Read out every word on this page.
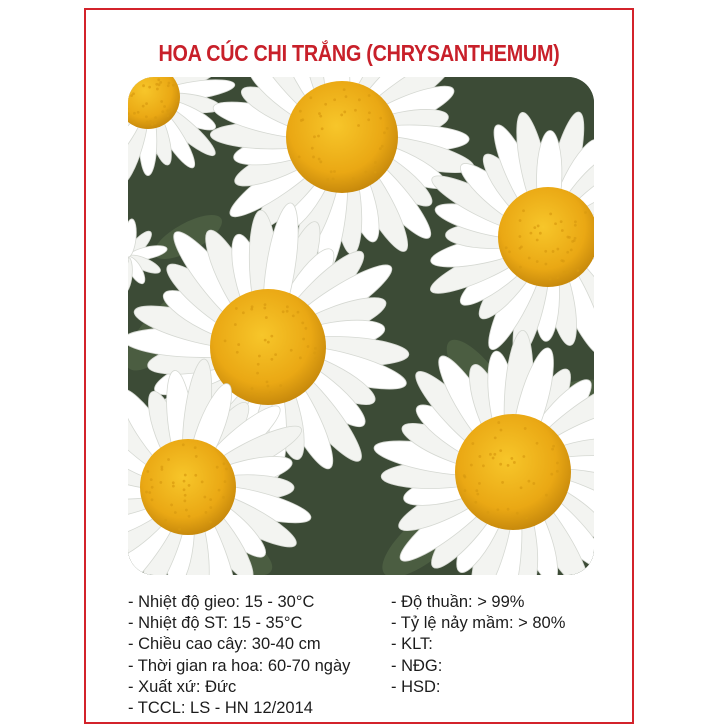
HOA CÚC CHI TRẮNG (CHRYSANTHEMUM)
- Nhiệt độ gieo: 15 - 30°C
- Nhiệt độ ST: 15 - 35°C
- Chiều cao cây: 30-40 cm
- Thời gian ra hoa: 60-70 ngày
- Xuất xứ: Đức
- TCCL: LS - HN 12/2014
- Độ thuần: > 99%
- Tỷ lệ nảy mầm: > 80%
- KLT:
- NĐG:
- HSD:
